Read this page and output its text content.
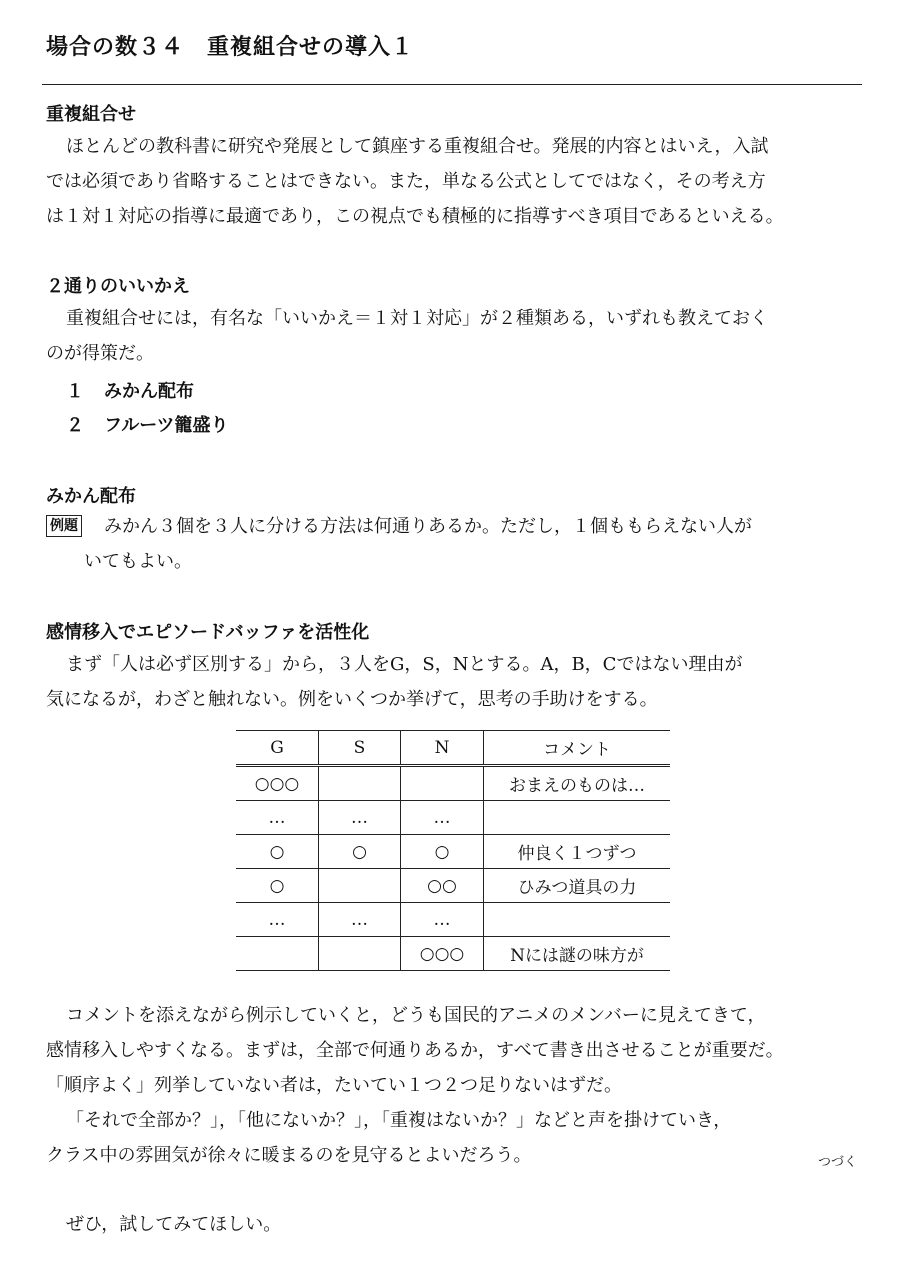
場合の数３４　重複組合せの導入１
重複組合せ
ほとんどの教科書に研究や発展として鎮座する重複組合せ。発展的内容とはいえ，入試
では必須であり省略することはできない。また，単なる公式としてではなく，その考え方
は１対１対応の指導に最適であり，この視点でも積極的に指導すべき項目であるといえる。
２通りのいいかえ
重複組合せには，有名な「いいかえ＝１対１対応」が２種類ある，いずれも教えておく
のが得策だ。
１ みかん配布
２ フルーツ籠盛り
みかん配布
例題 みかん３個を３人に分ける方法は何通りあるか。ただし，１個ももらえない人が
いてもよい。
感情移入でエピソードバッファを活性化
まず「人は必ず区別する」から，３人をG，S，Nとする。A，B，Cではない理由が
気になるが，わざと触れない。例をいくつか挙げて，思考の手助けをする。
G	S	N	コメント
○○○			おまえのものは…
…	…	…	
○	○	○	仲良く１つずつ
○		○○	ひみつ道具の力
…	…	…	
		○○○	Nには謎の味方が
コメントを添えながら例示していくと，どうも国民的アニメのメンバーに見えてきて，
感情移入しやすくなる。まずは，全部で何通りあるか，すべて書き出させることが重要だ。
「順序よく」列挙していない者は，たいてい１つ２つ足りないはずだ。
「それで全部か？」，「他にないか？」，「重複はないか？」などと声を掛けていき，
クラス中の雰囲気が徐々に暖まるのを見守るとよいだろう。	つづく
ぜひ，試してみてほしい。
